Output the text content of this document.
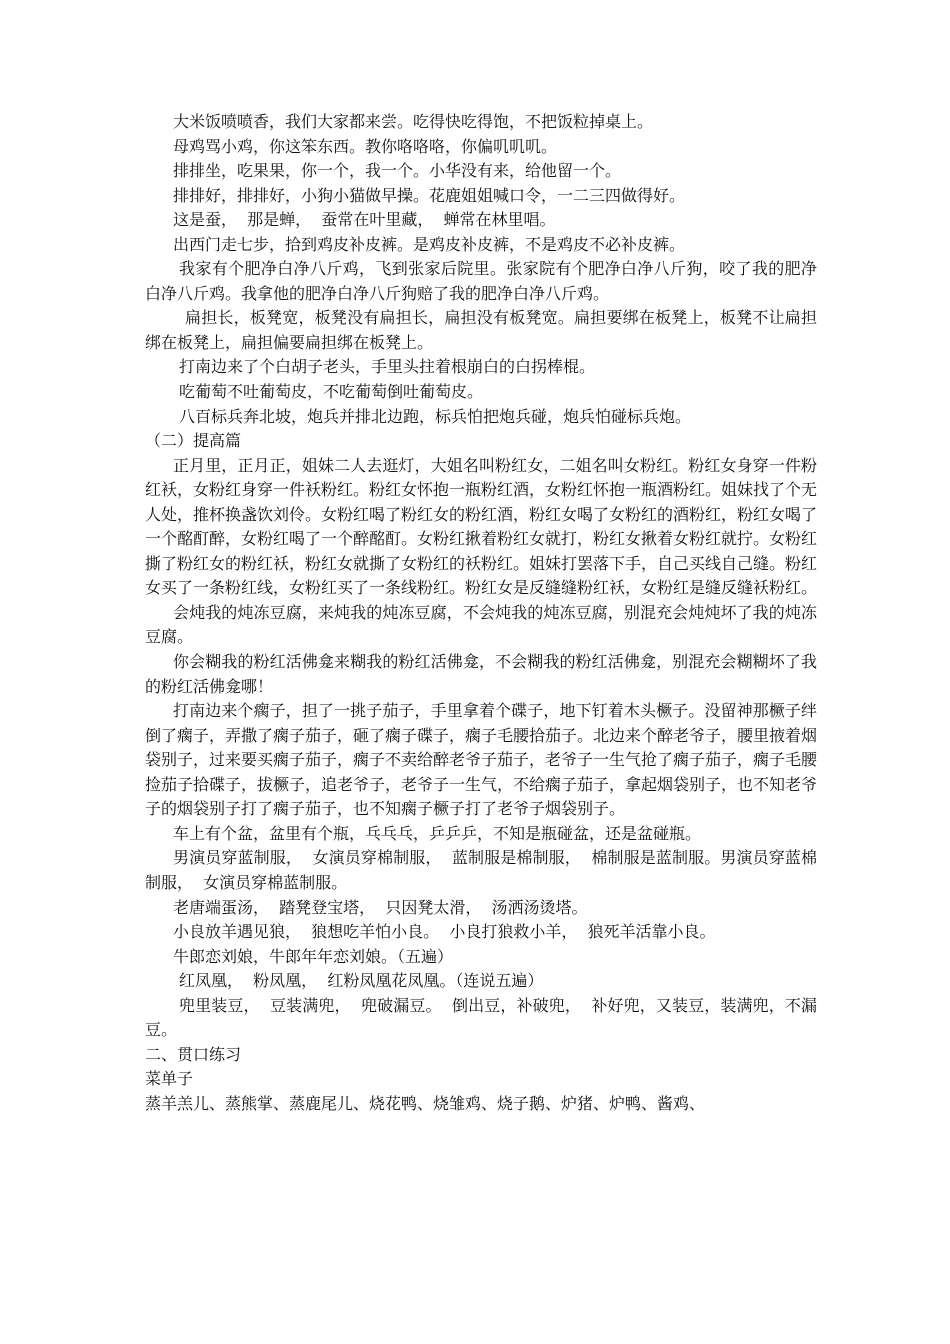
大米饭喷喷香，我们大家都来尝。吃得快吃得饱，不把饭粒掉桌上。

母鸡骂小鸡，你这笨东西。教你咯咯咯，你偏叽叽叽。

排排坐，吃果果，你一个，我一个。小华没有来，给他留一个。

排排好，排排好，小狗小猫做早操。花鹿姐姐喊口令，一二三四做得好。

这是蚕，  那是蝉，  蚕常在叶里藏，  蝉常在林里唱。

出西门走七步，拾到鸡皮补皮裤。是鸡皮补皮裤，不是鸡皮不必补皮裤。

我家有个肥净白净八斤鸡，飞到张家后院里。张家院有个肥净白净八斤狗，咬了我的肥净白净八斤鸡。我拿他的肥净白净八斤狗赔了我的肥净白净八斤鸡。

扁担长，板凳宽，板凳没有扁担长，扁担没有板凳宽。扁担要绑在板凳上，板凳不让扁担绑在板凳上，扁担偏要扁担绑在板凳上。

打南边来了个白胡子老头，手里头拄着根崩白的白拐棒棍。

吃葡萄不吐葡萄皮，不吃葡萄倒吐葡萄皮。

八百标兵奔北坡，炮兵并排北边跑，标兵怕把炮兵碰，炮兵怕碰标兵炮。

（二）提高篇

正月里，正月正，姐妹二人去逛灯，大姐名叫粉红女，二姐名叫女粉红。粉红女身穿一件粉红袄，女粉红身穿一件袄粉红。粉红女怀抱一瓶粉红酒，女粉红怀抱一瓶酒粉红。姐妹找了个无人处，推杯换盏饮刘伶。女粉红喝了粉红女的粉红酒，粉红女喝了女粉红的酒粉红，粉红女喝了一个酩酊醉，女粉红喝了一个醉酩酊。女粉红揪着粉红女就打，粉红女揪着女粉红就拧。女粉红撕了粉红女的粉红袄，粉红女就撕了女粉红的袄粉红。姐妹打罢落下手，自己买线自己缝。粉红女买了一条粉红线，女粉红买了一条线粉红。粉红女是反缝缝粉红袄，女粉红是缝反缝袄粉红。

会炖我的炖冻豆腐，来炖我的炖冻豆腐，不会炖我的炖冻豆腐，别混充会炖炖坏了我的炖冻豆腐。

你会糊我的粉红活佛龛来糊我的粉红活佛龛，不会糊我的粉红活佛龛，别混充会糊糊坏了我的粉红活佛龛哪！

打南边来个瘸子，担了一挑子茄子，手里拿着个碟子，地下钉着木头橛子。没留神那橛子绊倒了瘸子，弄撒了瘸子茄子，砸了瘸子碟子，瘸子毛腰拾茄子。北边来个醉老爷子，腰里掖着烟袋别子，过来要买瘸子茄子，瘸子不卖给醉老爷子茄子，老爷子一生气抢了瘸子茄子，瘸子毛腰捡茄子拾碟子，拔橛子，追老爷子，老爷子一生气，不给瘸子茄子，拿起烟袋别子，也不知老爷子的烟袋别子打了瘸子茄子，也不知瘸子橛子打了老爷子烟袋别子。

车上有个盆，盆里有个瓶，乓乓乓，乒乒乒，不知是瓶碰盆，还是盆碰瓶。

男演员穿蓝制服，  女演员穿棉制服，  蓝制服是棉制服，  棉制服是蓝制服。男演员穿蓝棉制服，  女演员穿棉蓝制服。

老唐端蛋汤，  踏凳登宝塔，  只因凳太滑，  汤洒汤烫塔。

小良放羊遇见狼，  狼想吃羊怕小良。  小良打狼救小羊，  狼死羊活靠小良。

牛郎恋刘娘，牛郎年年恋刘娘。（五遍）

红凤凰，  粉凤凰，  红粉凤凰花凤凰。（连说五遍）

兜里装豆，  豆装满兜，  兜破漏豆。  倒出豆，补破兜，  补好兜，又装豆，装满兜，不漏豆。

二、贯口练习

菜单子

蒸羊羔儿、蒸熊掌、蒸鹿尾儿、烧花鸭、烧雏鸡、烧子鹅、炉猪、炉鸭、酱鸡、
